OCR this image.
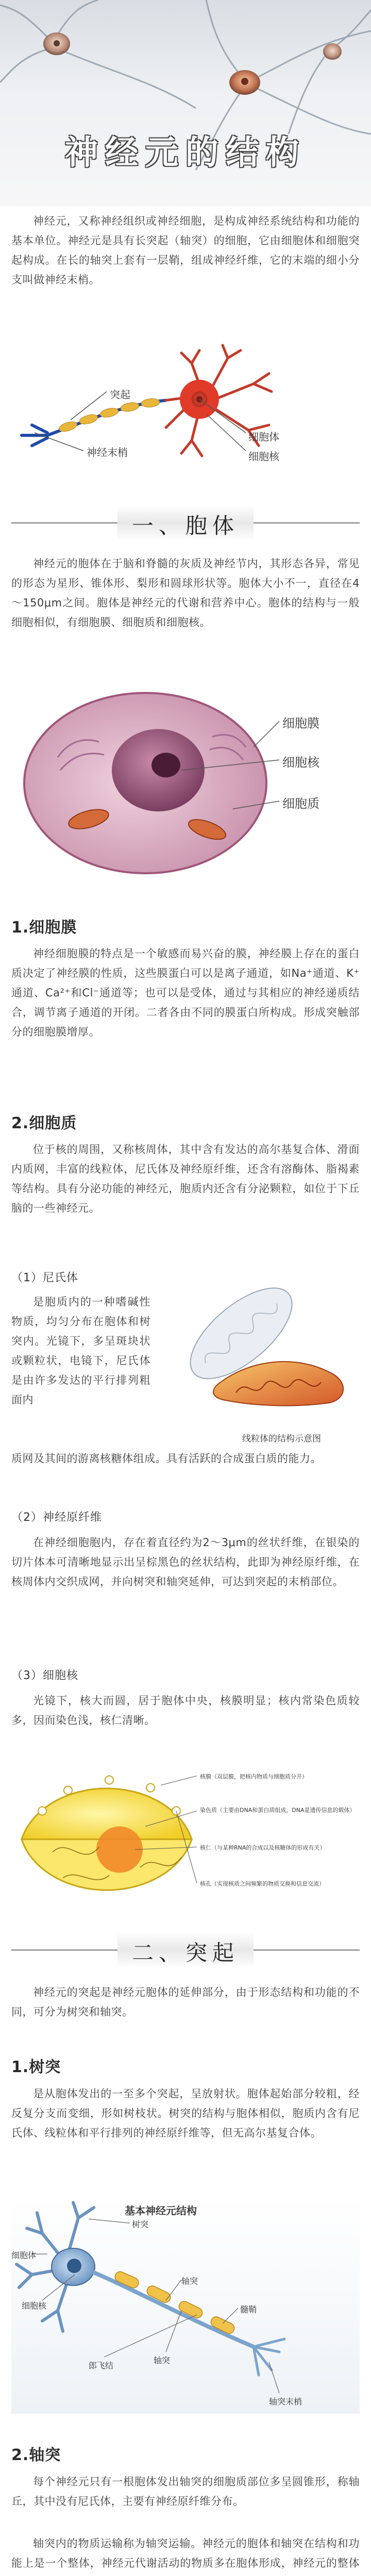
神经元的结构

神经元，又称神经组织或神经细胞，是构成神经系统结构和功能的基本单位。神经元是具有长突起（轴突）的细胞，它由细胞体和细胞突起构成。在长的轴突上套有一层鞘，组成神经纤维，它的末端的细小分支叫做神经末梢。

突起
神经末梢
细胞体
细胞核
一、胞体

神经元的胞体在于脑和脊髓的灰质及神经节内，其形态各异，常见的形态为星形、锥体形、梨形和圆球形状等。胞体大小不一，直径在4～150μm之间。胞体是神经元的代谢和营养中心。胞体的结构与一般细胞相似，有细胞膜、细胞质和细胞核。

细胞膜
细胞核
细胞质
1.细胞膜

神经细胞膜的特点是一个敏感而易兴奋的膜，神经膜上存在的蛋白质决定了神经膜的性质，这些膜蛋白可以是离子通道，如Na⁺通道、K⁺通道、Ca²⁺和Cl⁻通道等；也可以是受体，通过与其相应的神经递质结合，调节离子通道的开闭。二者各由不同的膜蛋白所构成。形成突触部分的细胞膜增厚。

2.细胞质

位于核的周围，又称核周体，其中含有发达的高尔基复合体、滑面内质网，丰富的线粒体，尼氏体及神经原纤维，还含有溶酶体、脂褐素等结构。具有分泌功能的神经元，胞质内还含有分泌颗粒，如位于下丘脑的一些神经元。

（1）尼氏体

是胞质内的一种嗜碱性物质，均匀分布在胞体和树突内。光镜下，多呈斑块状或颗粒状，电镜下，尼氏体是由许多发达的平行排列粗面内

线粒体的结构示意图

质网及其间的游离核糖体组成。具有活跃的合成蛋白质的能力。

（2）神经原纤维

在神经细胞胞内，存在着直径约为2～3μm的丝状纤维，在银染的切片体本可清晰地显示出呈棕黑色的丝状结构，此即为神经原纤维，在核周体内交织成网，并向树突和轴突延伸，可达到突起的末梢部位。

（3）细胞核

光镜下，核大而圆，居于胞体中央，核膜明显；核内常染色质较多，因而染色浅，核仁清晰。

核膜（双层膜，把核内物质与细胞质分开）
染色质（主要由DNA和蛋白质组成，DNA是遗传信息的载体）
核仁（与某种RNA的合成以及核糖体的形成有关）
核孔（实现核质之间频繁的物质交换和信息交流）
二、突起

神经元的突起是神经元胞体的延伸部分，由于形态结构和功能的不同，可分为树突和轴突。

1.树突

是从胞体发出的一至多个突起，呈放射状。胞体起始部分较粗，经反复分支而变细，形如树枝状。树突的结构与胞体相似，胞质内含有尼氏体、线粒体和平行排列的神经原纤维等，但无高尔基复合体。

基本神经元结构
树突
细胞体
细胞核
轴突
髓鞘
轴突
郎飞结
轴突末梢
2.轴突

每个神经元只有一根胞体发出轴突的细胞质部位多呈圆锥形，称轴丘，其中没有尼氏体，主要有神经原纤维分布。

轴突内的物质运输称为轴突运输。神经元的胞体和轴突在结构和功能上是一个整体，神经元代谢活动的物质多在胞体形成，神经元的整体
